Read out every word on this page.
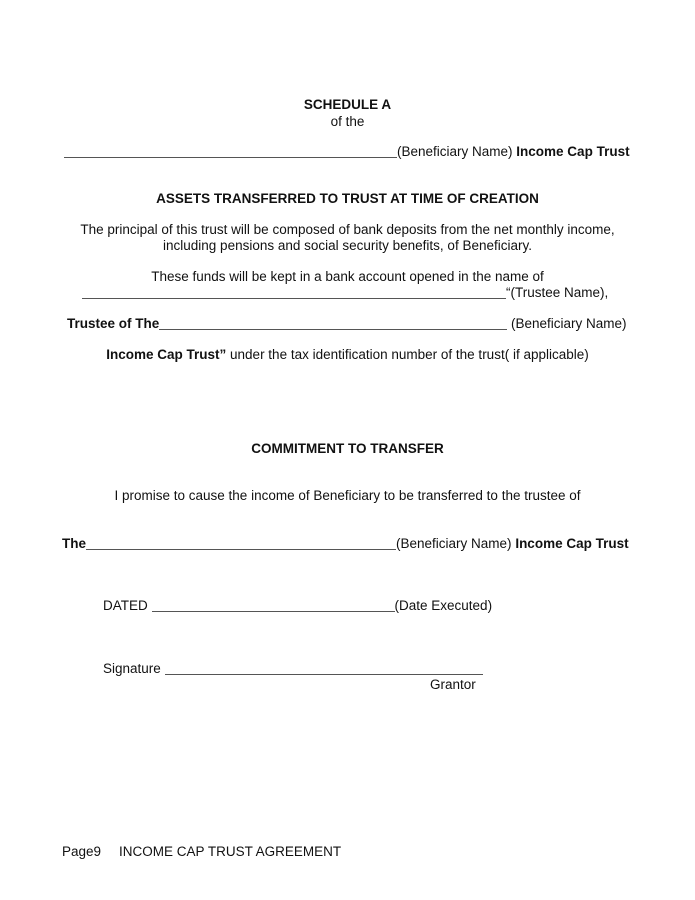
SCHEDULE A
of the
(Beneficiary Name) Income Cap Trust
ASSETS TRANSFERRED TO TRUST AT TIME OF CREATION
The principal of this trust will be composed of bank deposits from the net monthly income,
including pensions and social security benefits, of Beneficiary.
These funds will be kept in a bank account opened in the name of
“(Trustee Name),
Trustee of The	(Beneficiary Name)
Income Cap Trust” under the tax identification number of the trust( if applicable)
COMMITMENT TO TRANSFER
I promise to cause the income of Beneficiary to be transferred to the trustee of
The	(Beneficiary Name) Income Cap Trust
DATED	(Date Executed)
Signature
Grantor
Page9 INCOME CAP TRUST AGREEMENT
